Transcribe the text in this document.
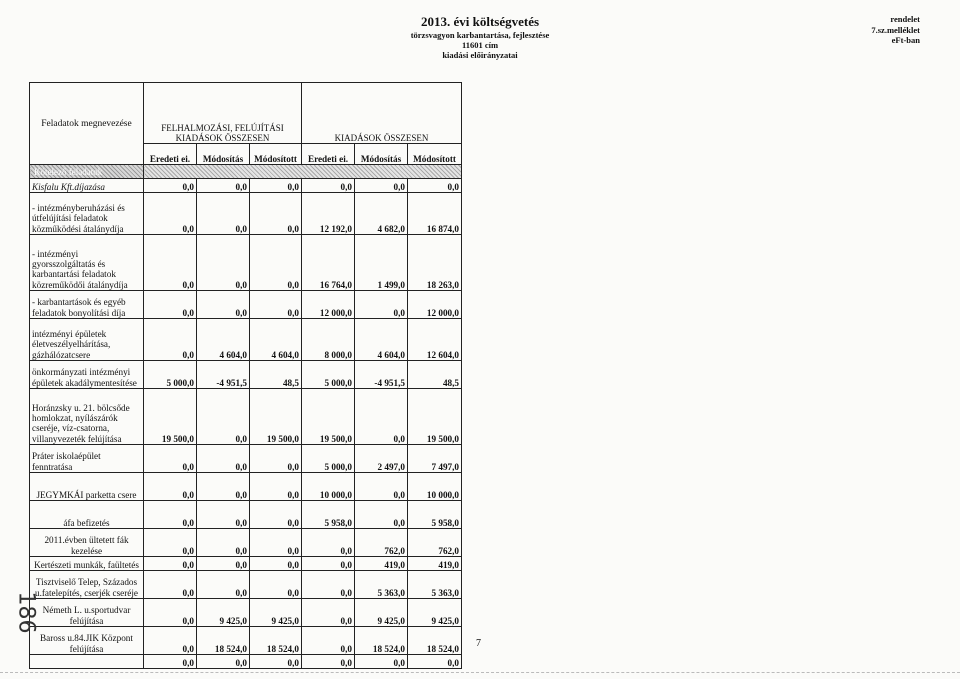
2013. évi költségvetés
törzsvagyon karbantartása, fejlesztése
11601 cím
kiadási előirányzatai
rendelet
7.sz.melléklet
eFt-ban
Feladatok megnevezése	FELHALMOZÁSI, FELÚJÍTÁSI KIADÁSOK ÖSSZESEN			KIADÁSOK ÖSSZESEN		
	Eredeti ei.	Módosítás	Módosított	Eredeti ei.	Módosítás	Módosított
Kötelező feladatok						
Kisfalu Kft.díjazása	0,0	0,0	0,0	0,0	0,0	0,0
- intézményberuházási és útfelújítási feladatok közműködési átalánydíja	0,0	0,0	0,0	12 192,0	4 682,0	16 874,0
- intézményi gyorsszolgáltatás és karbantartási feladatok közreműködői átalánydíja	0,0	0,0	0,0	16 764,0	1 499,0	18 263,0
- karbantartások és egyéb feladatok bonyolítási díja	0,0	0,0	0,0	12 000,0	0,0	12 000,0
intézményi épületek életveszélyelhárítása, gázhálózatcsere	0,0	4 604,0	4 604,0	8 000,0	4 604,0	12 604,0
önkormányzati intézményi épületek akadálymentesítése	5 000,0	-4 951,5	48,5	5 000,0	-4 951,5	48,5
Horánzsky u. 21. bölcsőde homlokzat, nyílászárók cseréje, víz-csatorna, villanyvezeték felújítása	19 500,0	0,0	19 500,0	19 500,0	0,0	19 500,0
Práter iskolaépület fenntratása	0,0	0,0	0,0	5 000,0	2 497,0	7 497,0
JEGYMKÁI parketta csere	0,0	0,0	0,0	10 000,0	0,0	10 000,0
áfa befizetés	0,0	0,0	0,0	5 958,0	0,0	5 958,0
2011.évben ültetett fák kezelése	0,0	0,0	0,0	0,0	762,0	762,0
Kertészeti munkák, faültetés	0,0	0,0	0,0	0,0	419,0	419,0
Tisztviselő Telep, Százados u.fatelepítés, cserjék cseréje	0,0	0,0	0,0	0,0	5 363,0	5 363,0
Németh L. u.sportudvar felújítása	0,0	9 425,0	9 425,0	0,0	9 425,0	9 425,0
Baross u.84.JIK Központ felújítása	0,0	18 524,0	18 524,0	0,0	18 524,0	18 524,0
	0,0	0,0	0,0	0,0	0,0	0,0
7
186
